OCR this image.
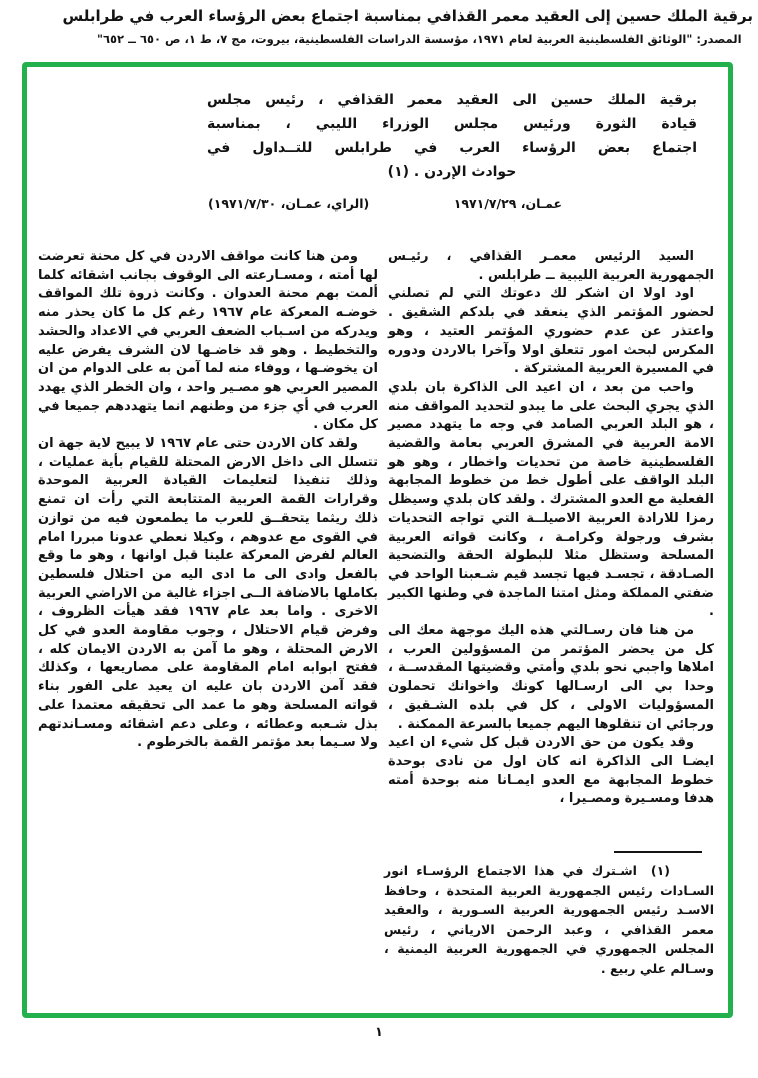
برقية الملك حسين إلى العقيد معمر القذافي بمناسبة اجتماع بعض الرؤساء العرب في طرابلس
المصدر: "الوثائق الفلسطينية العربية لعام ١٩٧١، مؤسسة الدراسات الفلسطينية، بيروت، مج ٧، ط ١، ص ٦٥٠ ــ ٦٥٢"
برقية الملك حسين الى العقيد معمر القذافي ، رئيس مجلس
قيادة الثورة ورئيس مجلس الوزراء الليبي ، بمناسبة
اجتماع بعض الرؤساء العرب في طرابلس للتــداول في
حوادث الإردن . (١)
عمـان، ١٩٧١/٧/٢٩
(الراي، عمـان، ١٩٧١/٧/٣٠)

السيد الرئيس معمـر القذافي ، رئيـس الجمهورية العربية الليبية ــ طرابلس .

اود اولا ان اشكر لك دعوتك التي لم تصلني لحضور المؤتمر الذي ينعقد في بلدكم الشقيق . واعتذر عن عدم حضوري المؤتمر العتيد ، وهو المكرس لبحث امور تتعلق اولا وآخرا بالاردن ودوره في المسيرة العربية المشتركة .

واحب من بعد ، ان اعيد الى الذاكرة بان بلدي الذي يجري البحث على ما يبدو لتحديد المواقف منه ، هو البلد العربي الصامد في وجه ما يتهدد مصير الامة العربية في المشرق العربي بعامة والقضية الفلسطينية خاصة من تحديات واخطار ، وهو هو البلد الواقف على أطول خط من خطوط المجابهة الفعلية مع العدو المشترك . ولقد كان بلدي وسيظل رمزا للارادة العربية الاصيلــة التي تواجه التحديات بشرف ورجولة وكرامـة ، وكانت قواته العربية المسلحة وستظل مثلا للبطولة الحقة والتضحية الصـادقة ، تجسـد فيها تجسد قيم شـعبنا الواحد في ضفتي المملكة ومثل امتنا الماجدة في وطنها الكبير .

من هنا فان رسـالتي هذه اليك موجهة معك الى كل من يحضر المؤتمر من المسؤولين العرب ، املاها واجبي نحو بلدي وأمتي وقضيتها المقدســة ، وحدا بي الى ارسـالها كونك واخوانك تحملون المسؤوليات الاولى ، كل في بلده الشـقيق ، ورجائي ان تنقلوها اليهم جميعا بالسرعة الممكنة .

وقد يكون من حق الاردن قبل كل شيء ان اعيد ايضـا الى الذاكرة انه كان اول من نادى بوحدة خطوط المجابهة مع العدو ايمـانا منه بوحدة أمته هدفا ومسـيرة ومصـيرا ،

ومن هنا كانت مواقف الاردن في كل محنة تعرضت لها أمته ، ومسـارعته الى الوقوف بجانب اشقائه كلما ألمت بهم محنة العدوان . وكانت ذروة تلك المواقف خوضـه المعركة عام ١٩٦٧ رغم كل ما كان يحذر منه ويدركه من اسـباب الضعف العربي في الاعداد والحشد والتخطيط . وهو قد خاضـها لان الشرف يفرض عليه ان يخوضـها ، ووفاء منه لما آمن به على الدوام من ان المصير العربي هو مصـير واحد ، وان الخطر الذي يهدد العرب في أي جزء من وطنهم انما يتهددهم جميعا في كل مكان .

ولقد كان الاردن حتى عام ١٩٦٧ لا يبيح لاية جهة ان تتسلل الى داخل الارض المحتلة للقيام بأية عمليات ، وذلك تنفيذا لتعليمات القيادة العربية الموحدة وقرارات القمة العربية المتتابعة التي رأت ان تمنع ذلك ريثما يتحقــق للعرب ما يطمعون فيه من توازن في القوى مع عدوهم ، وكيلا نعطي عدونا مبررا امام العالم لفرض المعركة علينا قبل اوانها ، وهو ما وقع بالفعل وادى الى ما ادى اليه من احتلال فلسطين بكاملها بالاضافة الــى اجزاء غالية من الاراضي العربية الاخرى . واما بعد عام ١٩٦٧ فقد هيأت الظروف ، وفرض قيام الاحتلال ، وجوب مقاومة العدو في كل الارض المحتلة ، وهو ما آمن به الاردن الايمان كله ، ففتح ابوابه امام المقاومة على مصاريعها ، وكذلك فقد آمن الاردن بان عليه ان يعيد على الفور بناء قواته المسلحة وهو ما عمد الى تحقيقه معتمدا على بذل شـعبه وعطائه ، وعلى دعم اشقائه ومسـاندتهم ولا سـيما بعد مؤتمر القمة بالخرطوم .

(١)اشـترك في هذا الاجتماع الرؤسـاء انور السـادات رئيس الجمهورية العربية المتحدة ، وحافظ الاسـد رئيس الجمهورية العربية السـورية ، والعقيد معمر القذافي ، وعبد الرحمن الارياني ، رئيس المجلس الجمهوري في الجمهورية العربية اليمنية ، وسـالم علي ربيع .

١
